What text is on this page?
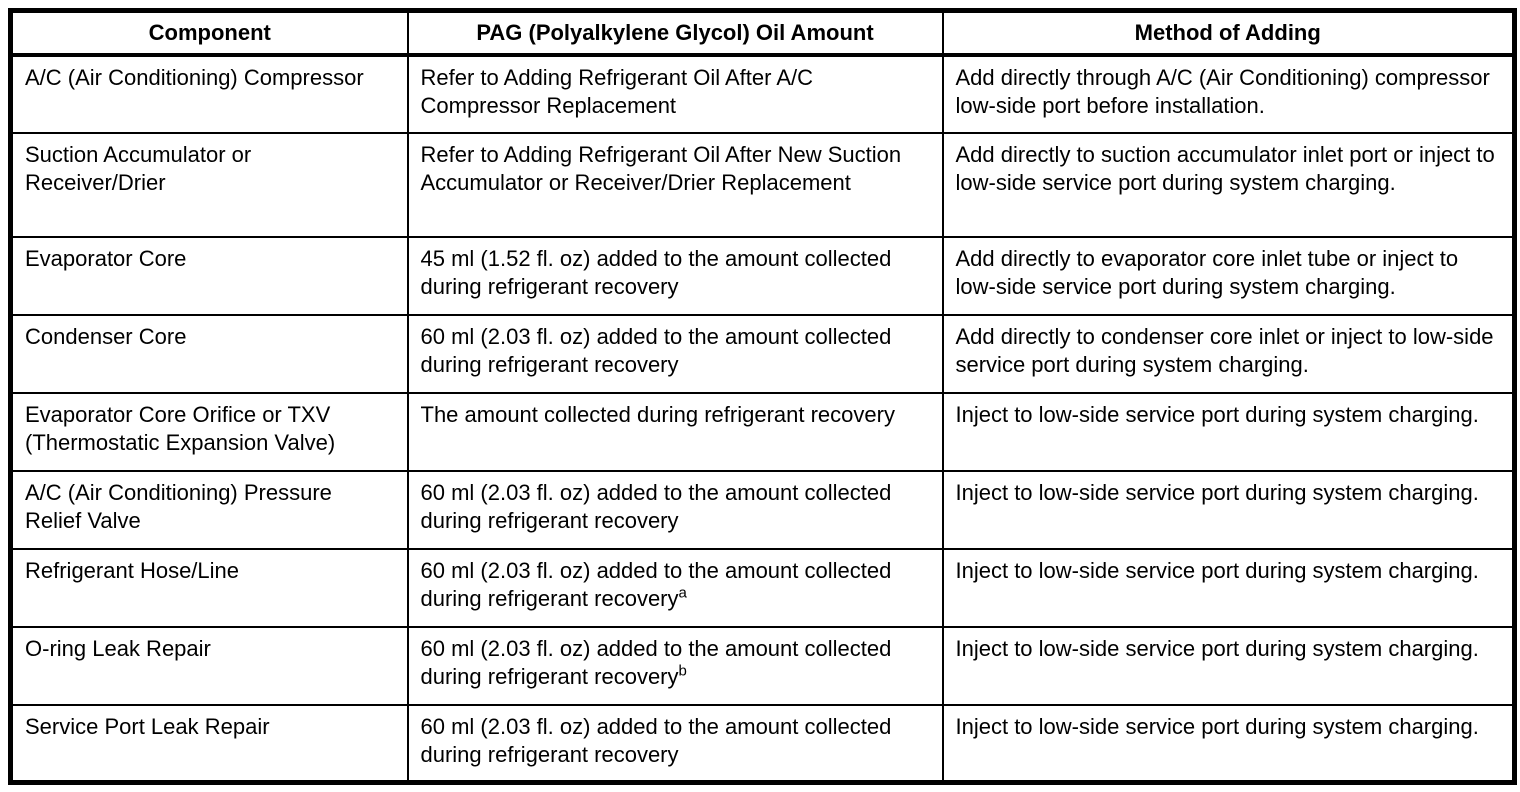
Component	PAG (Polyalkylene Glycol) Oil Amount	Method of Adding
A/C (Air Conditioning) Compressor	Refer to Adding Refrigerant Oil After A/C Compressor Replacement	Add directly through A/C (Air Conditioning) compressor low-side port before installation.
Suction Accumulator or Receiver/Drier	Refer to Adding Refrigerant Oil After New Suction Accumulator or Receiver/Drier Replacement	Add directly to suction accumulator inlet port or inject to low-side service port during system charging.
Evaporator Core	45 ml (1.52 fl. oz) added to the amount collected during refrigerant recovery	Add directly to evaporator core inlet tube or inject to low-side service port during system charging.
Condenser Core	60 ml (2.03 fl. oz) added to the amount collected during refrigerant recovery	Add directly to condenser core inlet or inject to low-side service port during system charging.
Evaporator Core Orifice or TXV (Thermostatic Expansion Valve)	The amount collected during refrigerant recovery	Inject to low-side service port during system charging.
A/C (Air Conditioning) Pressure Relief Valve	60 ml (2.03 fl. oz) added to the amount collected during refrigerant recovery	Inject to low-side service port during system charging.
Refrigerant Hose/Line	60 ml (2.03 fl. oz) added to the amount collected during refrigerant recovery$^a$	Inject to low-side service port during system charging.
O-ring Leak Repair	60 ml (2.03 fl. oz) added to the amount collected during refrigerant recovery$^b$	Inject to low-side service port during system charging.
Service Port Leak Repair	60 ml (2.03 fl. oz) added to the amount collected during refrigerant recovery	Inject to low-side service port during system charging.
